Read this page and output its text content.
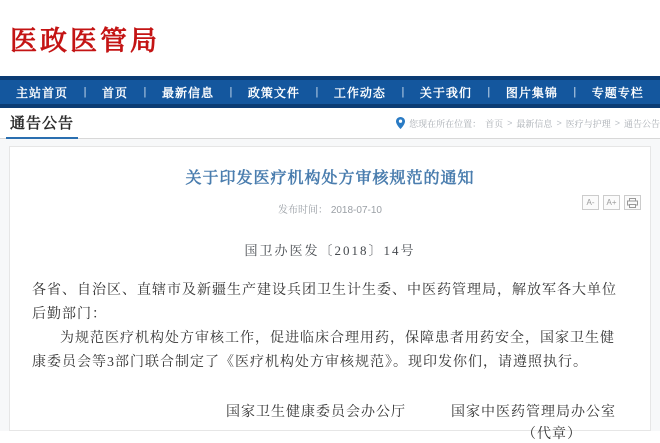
医政医管局
主站首页 | 首页 | 最新信息 | 政策文件 | 工作动态 | 关于我们 | 图片集锦 | 专题专栏
通告公告	您现在所在位置： 首页 > 最新信息 > 医疗与护理 > 通告公告
关于印发医疗机构处方审核规范的通知
发布时间： 2018-07-10
A-	A+
国卫办医发〔2018〕14号

各省、自治区、直辖市及新疆生产建设兵团卫生计生委、中医药管理局，解放军各大单位后勤部门：

为规范医疗机构处方审核工作，促进临床合理用药，保障患者用药安全，国家卫生健康委员会等3部门联合制定了《医疗机构处方审核规范》。现印发你们，请遵照执行。

国家卫生健康委员会办公厅　　　	国家中医药管理局办公室
（代章）
